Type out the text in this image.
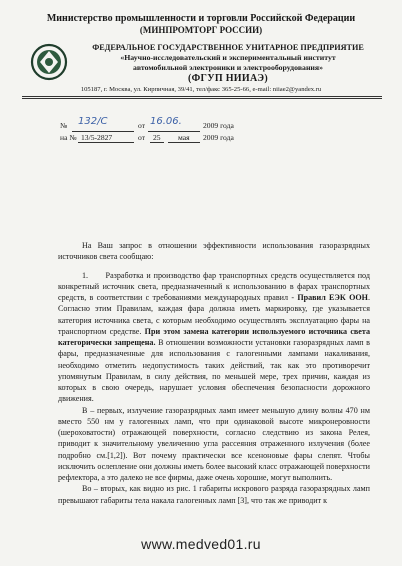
Министерство промышленности и торговли Российской Федерации
(МИНПРОМТОРГ РОССИИ)
ФЕДЕРАЛЬНОЕ ГОСУДАРСТВЕННОЕ УНИТАРНОЕ ПРЕДПРИЯТИЕ
«Научно-исследовательский и экспериментальный институт
автомобильной электроники и электрооборудования»
(ФГУП НИИАЭ)
105187, г. Москва, ул. Кирпичная, 39/41, тел/факс 365-25-66, e-mail: niiae2@yandex.ru
№ 132/С	от 16.06.	2009 года
на № 13/5-2827	от 25 мая 2009 года

На Ваш запрос в отношении эффективности использования газоразрядных источников света сообщаю:

1.      Разработка и производство фар транспортных средств осуществляется под конкретный источник света, предназначенный к использованию в фарах транспортных средств, в соответствии с требованиями международных правил - Правил ЕЭК ООН. Согласно этим Правилам, каждая фара должна иметь маркировку, где указывается категория источника света, с которым необходимо осуществлять эксплуатацию фары на транспортном средстве. При этом замена категории используемого источника света категорически запрещена. В отношении возможности установки газоразрядных ламп в фары, предназначенные для использования с галогенными лампами накаливания, необходимо отметить недопустимость таких действий, так как это противоречит упомянутым Правилам, в силу действия, по меньшей мере, трех причин, каждая из которых в свою очередь, нарушает условия обеспечения безопасности дорожного движения.

В – первых, излучение газоразрядных ламп имеет меньшую длину волны 470 нм вместо 550 нм у галогенных ламп, что при одинаковой высоте микронеровности (шероховатости) отражающей поверхности, согласно следствию из закона Релея, приводит к значительному увеличению угла рассеяния отраженного излучения (более подробно см.[1,2]). Вот почему практически все ксеноновые фары слепят. Чтобы исключить ослепление они должны иметь более высокий класс отражающей поверхности рефлектора, а это далеко не все фирмы, даже очень хорошие, могут выполнить.

Во – вторых, как видно из рис. 1 габариты искрового разряда газоразрядных ламп превышают габариты тела накала галогенных ламп [3], что так же приводит к

www.medved01.ru
